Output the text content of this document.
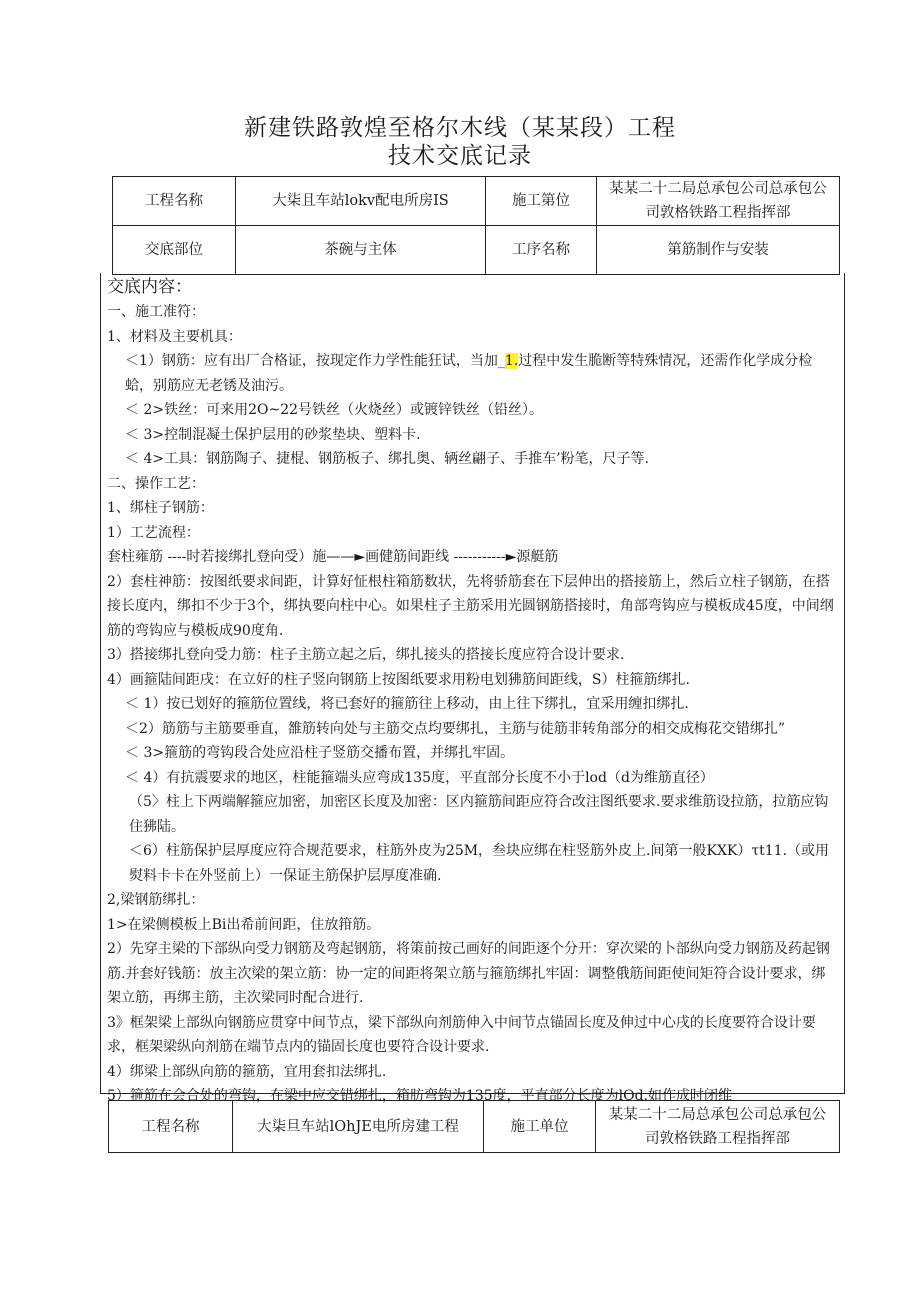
新建铁路敦煌至格尔木线（某某段）工程
技术交底记录
工程名称	大柒且车站lokv配电所房IS	施工第位	某某二十二局总承包公司总承包公
司敦格铁路工程指挥部

交底部位	茶碗与主体	工序名称	第筋制作与安装

交底内容：

一、施工准符：

1、材料及主要机具：

＜1）钢筋：应有出厂合格证，按现定作力学性能狂试，当加_1.过程中发生脆断等特殊情况，还需作化学成分检蛤，别筋应无老锈及油污。

＜ 2>铁丝：可来用2O~22号铁丝（火烧丝）或镀锌铁丝（铅丝）。

＜ 3>控制混凝土保护层用的砂浆垫块、塑料卡.

＜ 4>工具：钢筋陶子、捷棍、钢筋板子、绑扎奥、辆丝翩子、手推车’粉笔，尺子等.

二、操作工艺：

1、绑柱子钢筋：

1）工艺流程：

套柱雍筋 ----时若接绑扎登向受）施——►画健筋间距线 -----------►源艇筋

2）套柱神筋：按图纸要求间距，计算好怔根柱箱筋数状，先将骄筋套在下层伸出的搭接筋上，然后立柱子钢筋，在搭接长度内，绑扣不少于3个，绑执要向柱中心。如果柱子主筋采用光圆钢筋搭接时，角部弯钩应与模板成45度，中间纲筋的弯钩应与模板成90度角.

3）搭接绑扎登向受力筋：柱子主筋立起之后，绑扎接头的搭接长度应符合设计要求.

4）画箍陆间距戌：在立好的柱子竖向钢筋上按图纸要求用粉电划狒筋间距线，S）柱箍筋绑扎.

＜ 1）按已划好的箍筋位置线，将已套好的箍筋往上移动，由上往下绑扎，宜采用缠扣绑扎.

＜2）筋筋与主筋要垂直，雒筋转向处与主筋交点均要绑扎，主筋与徒筋非转角部分的相交成梅花交错绑扎”

＜ 3>箍筋的弯钩段合处应沿柱子竖筋交播布置，并绑扎牢固。

＜ 4）有抗震要求的地区，柱能箍端头应弯成135度，平直部分长度不小于lod（d为维筋直径）

（5〉柱上下两端解箍应加密，加密区长度及加密：区内箍筋间距应符合改注图纸要求.要求维筋设拉筋，拉筋应钩住狒陆。

＜6）柱筋保护层厚度应符合规范要求，柱筋外皮为25M，叁块应绑在柱竖筋外皮上.间第一般KXK）τt11.（或用熨料卡卡在外竖前上）一保证主筋保护层厚度准确.

2,梁钢筋绑扎：

1>在梁侧模板上Bi出希前间距，住放箝筋。

2）先穿主梁的下部纵向受力钢筋及弯起钢筋，将策前按己画好的间距逐个分开：穿次梁的卜部纵向受力钢筋及药起钢筋.并套好钱筋：放主次梁的架立筋：协一定的间距将架立筋与箍筋绑扎牢固：调整俄筋间距使间矩符合设计要求，绑架立筋，再绑主筋，主次梁同时配合进行.

3》框架梁上部纵向钢筋应贯穿中间节点，梁下部纵向剂筋伸入中间节点锚固长度及伸过中心戌的长度要符合设计要求，框架梁纵向剂筋在端节点内的锚固长度也要符合设计要求.

4）绑梁上部纵向筋的箍筋，宜用套扣法绑扎.

5）箍筋在会合处的弯钩，在梁中应交错绑扎，箱肪弯钩为135度，平直部分长度为lOd.如作成时闭维

工程名称	大柒旦车站lOhJE电所房建工程	施工单位	
某某二十二局总承包公司总承包公
司敦格铁路工程指挥部
